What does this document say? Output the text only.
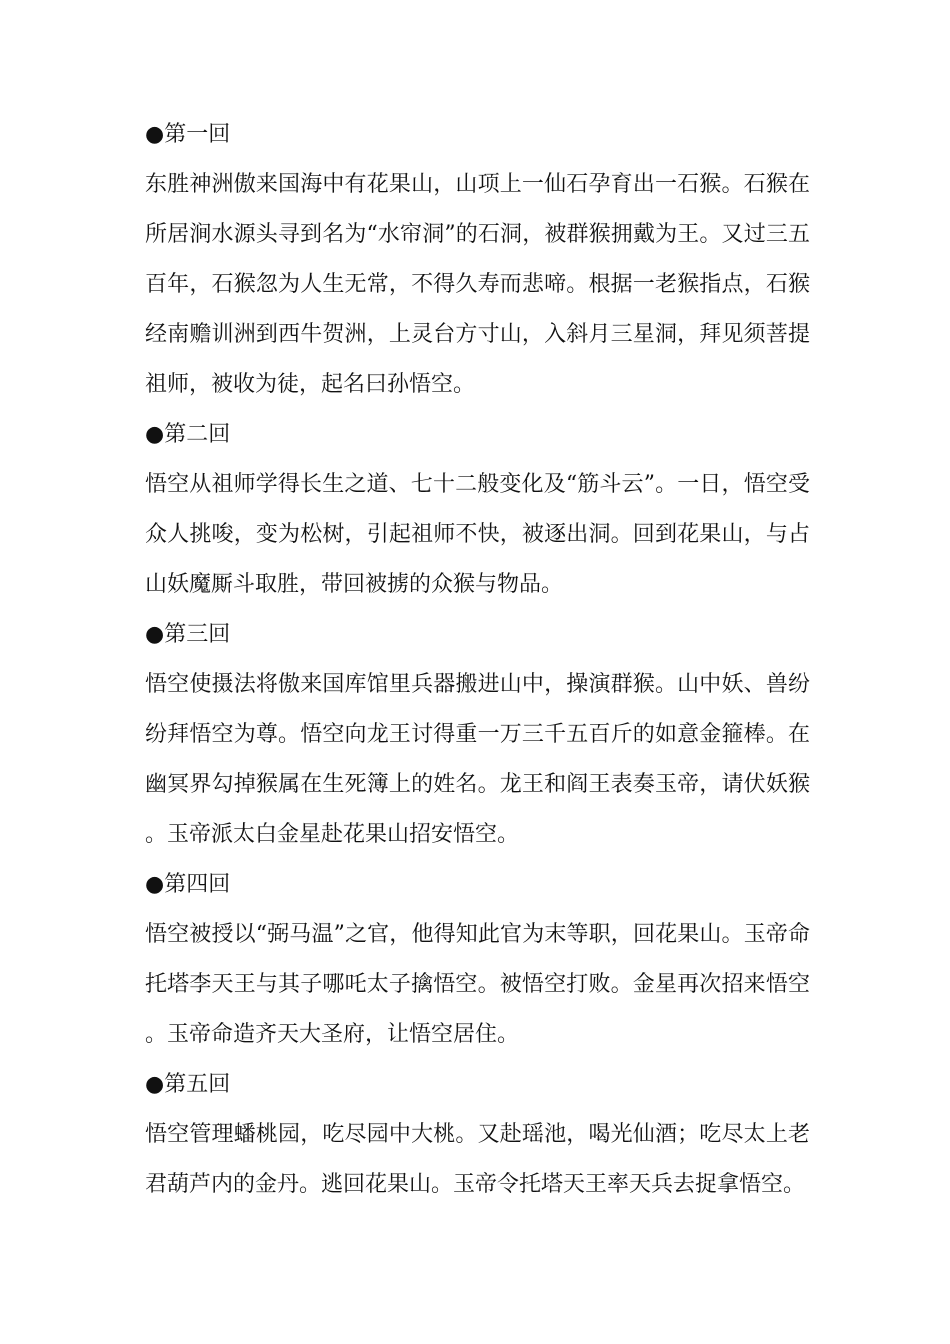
●第一回

东胜神洲傲来国海中有花果山，山项上一仙石孕育出一石猴。石猴在所居涧水源头寻到名为“水帘洞”的石洞，被群猴拥戴为王。又过三五百年，石猴忽为人生无常，不得久寿而悲啼。根据一老猴指点，石猴经南赡训洲到西牛贺洲，上灵台方寸山，入斜月三星洞，拜见须菩提祖师，被收为徒，起名曰孙悟空。

●第二回

悟空从祖师学得长生之道、七十二般变化及“筋斗云”。一日，悟空受众人挑唆，变为松树，引起祖师不快，被逐出洞。回到花果山，与占山妖魔厮斗取胜，带回被掳的众猴与物品。

●第三回

悟空使摄法将傲来国库馆里兵器搬进山中，操演群猴。山中妖、兽纷纷拜悟空为尊。悟空向龙王讨得重一万三千五百斤的如意金箍棒。在幽冥界勾掉猴属在生死簿上的姓名。龙王和阎王表奏玉帝，请伏妖猴。玉帝派太白金星赴花果山招安悟空。

●第四回

悟空被授以“弼马温”之官，他得知此官为末等职，回花果山。玉帝命托塔李天王与其子哪吒太子擒悟空。被悟空打败。金星再次招来悟空。玉帝命造齐天大圣府，让悟空居住。

●第五回

悟空管理蟠桃园，吃尽园中大桃。又赴瑶池，喝光仙酒；吃尽太上老君葫芦内的金丹。逃回花果山。玉帝令托塔天王率天兵去捉拿悟空。
